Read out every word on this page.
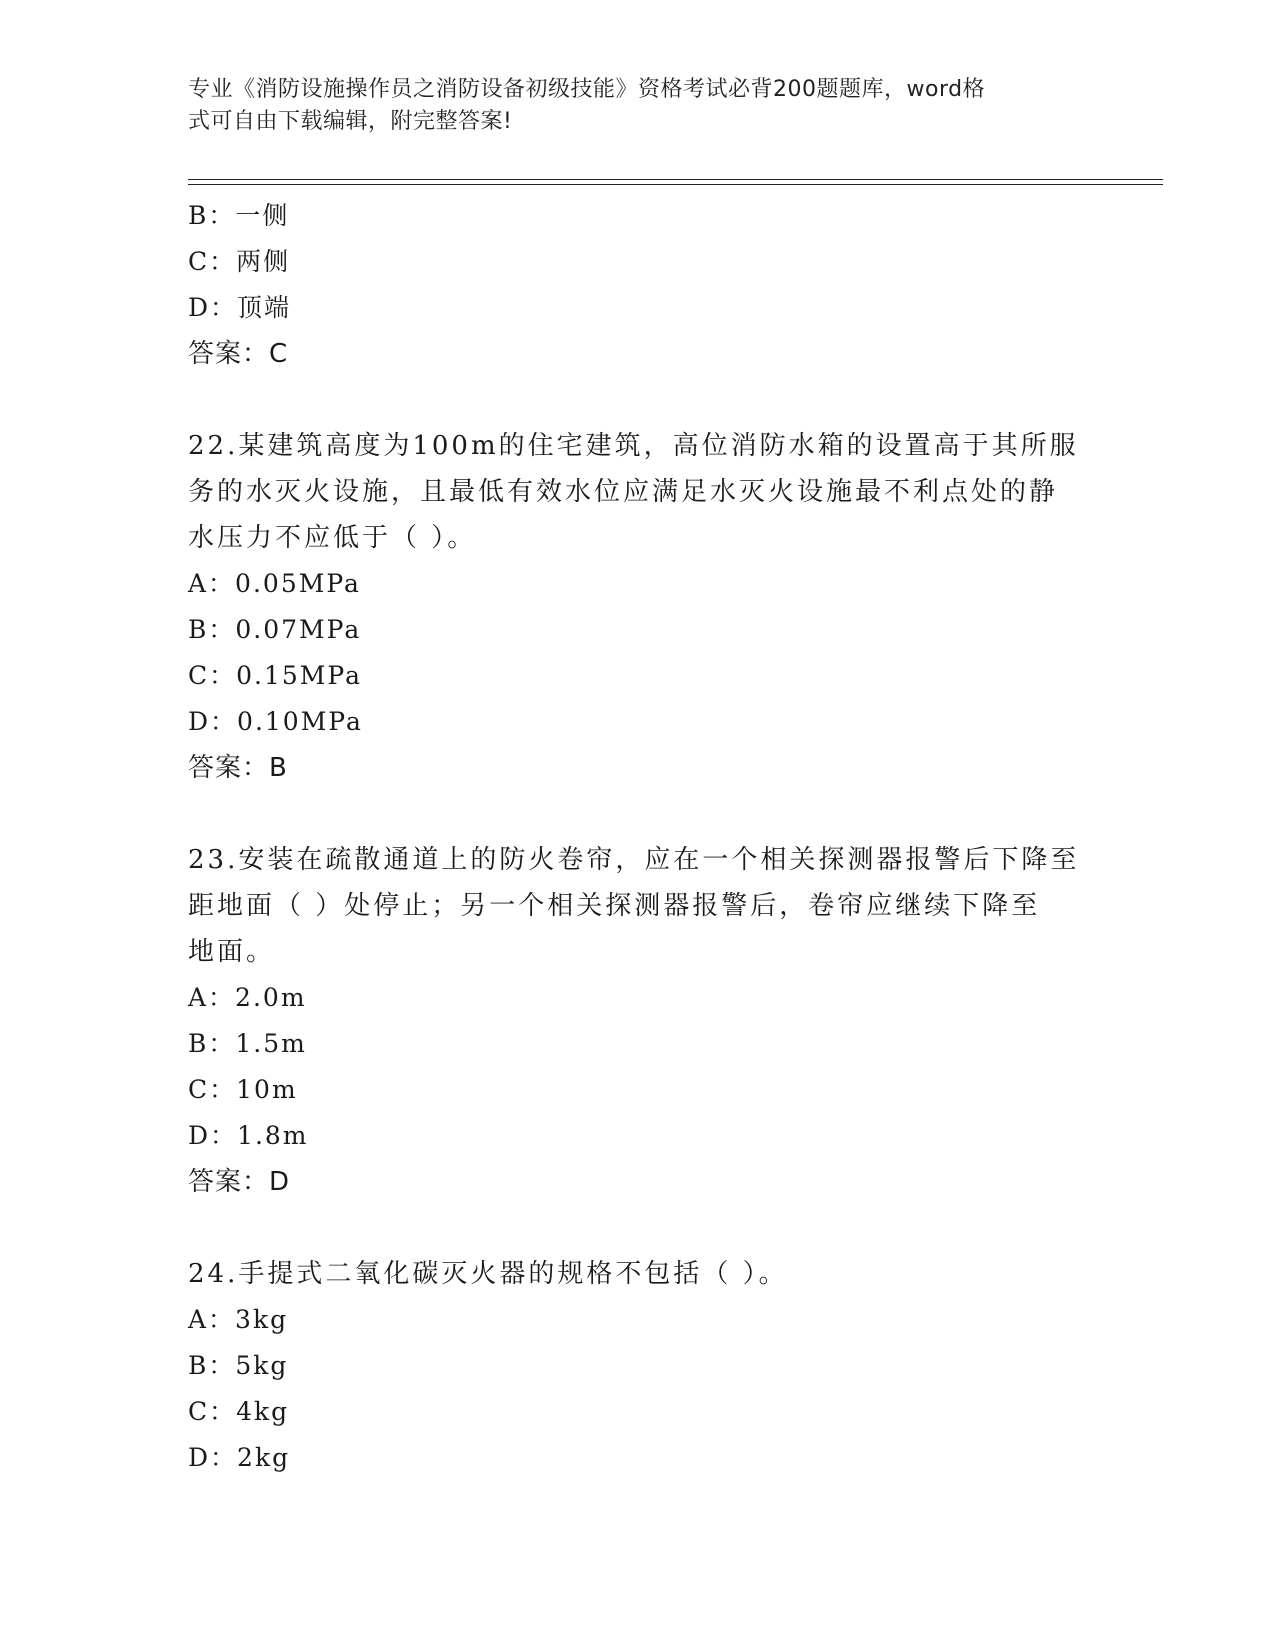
专业《消防设施操作员之消防设备初级技能》资格考试必背200题题库，word格
式可自由下载编辑，附完整答案!
B：一侧
C：两侧
D：顶端
答案：C
22.某建筑高度为100m的住宅建筑，高位消防水箱的设置高于其所服
务的水灭火设施，且最低有效水位应满足水灭火设施最不利点处的静
水压力不应低于（ ）。
A：0.05MPa
B：0.07MPa
C：0.15MPa
D：0.10MPa
答案：B
23.安装在疏散通道上的防火卷帘，应在一个相关探测器报警后下降至
距地面（ ）处停止；另一个相关探测器报警后，卷帘应继续下降至
地面。
A：2.0m
B：1.5m
C：10m
D：1.8m
答案：D
24.手提式二氧化碳灭火器的规格不包括（ ）。
A：3kg
B：5kg
C：4kg
D：2kg
